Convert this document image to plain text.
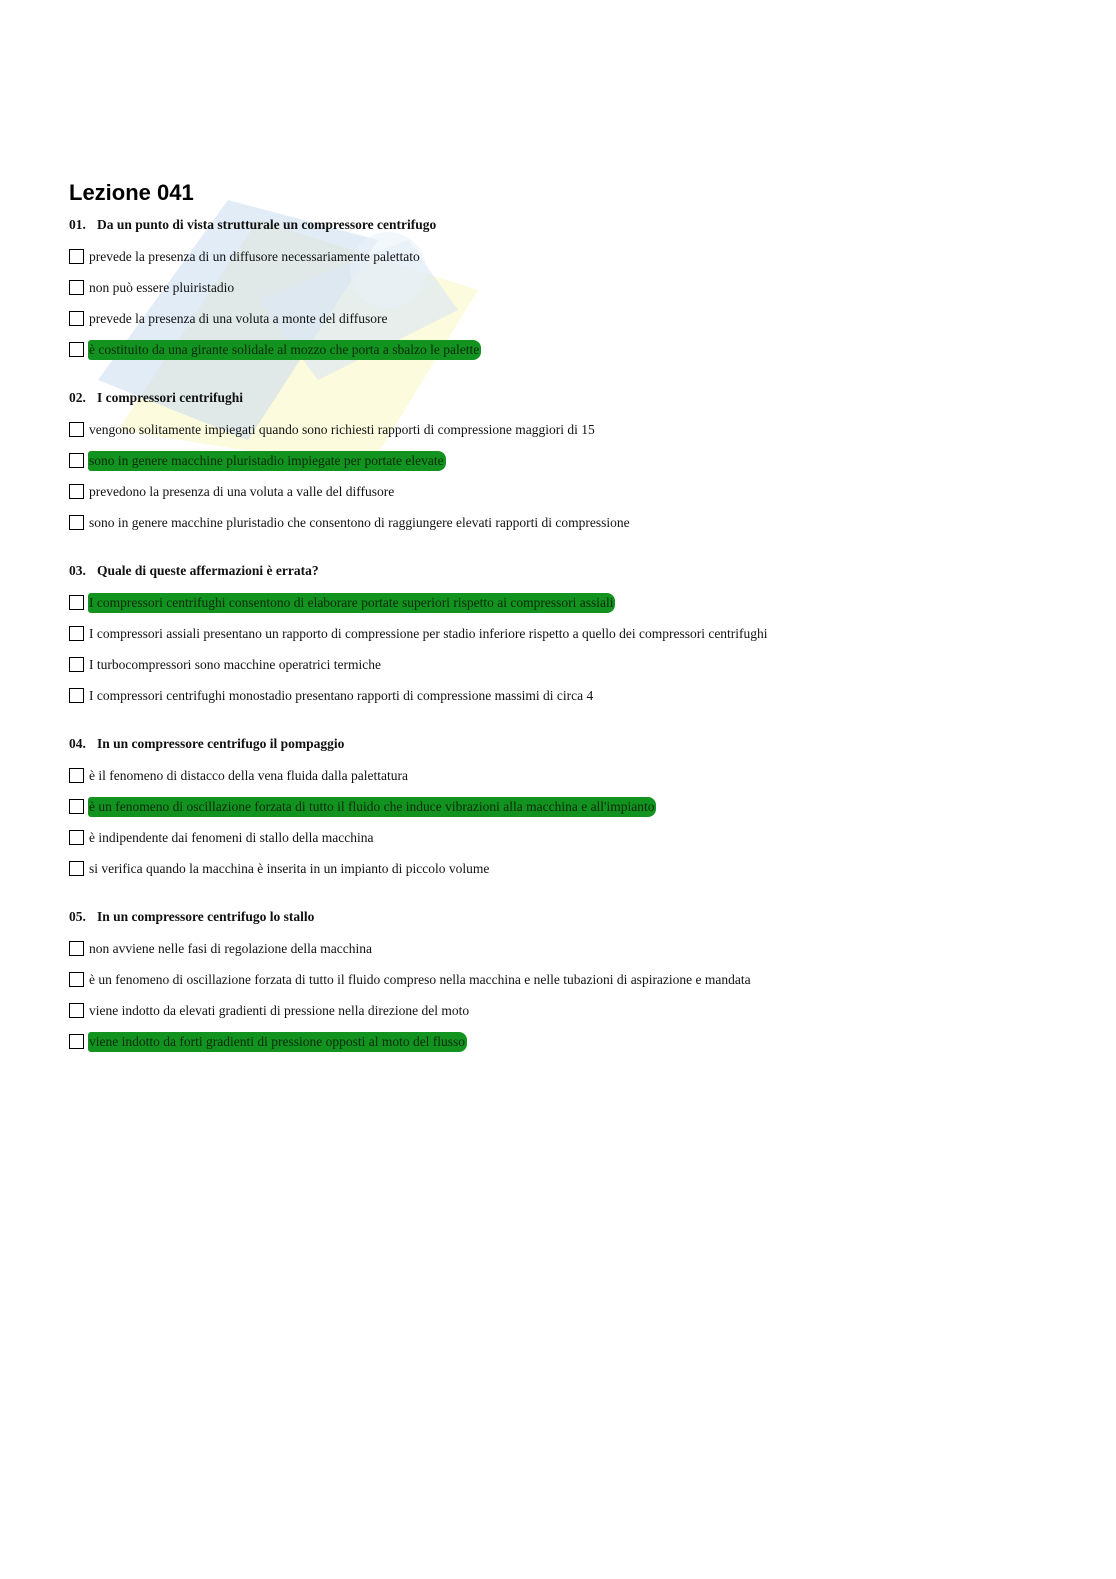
Lezione 041
01. Da un punto di vista strutturale un compressore centrifugo
prevede la presenza di un diffusore necessariamente palettato
non può essere pluiristadio
prevede la presenza di una voluta a monte del diffusore
è costituito da una girante solidale al mozzo che porta a sbalzo le palette
02. I compressori centrifughi
vengono solitamente impiegati quando sono richiesti rapporti di compressione maggiori di 15
sono in genere macchine pluristadio impiegate per portate elevate
prevedono la presenza di una voluta a valle del diffusore
sono in genere macchine pluristadio che consentono di raggiungere elevati rapporti di compressione
03. Quale di queste affermazioni è errata?
I compressori centrifughi consentono di elaborare portate superiori rispetto ai compressori assiali
I compressori assiali presentano un rapporto di compressione per stadio inferiore rispetto a quello dei compressori centrifughi
I turbocompressori sono macchine operatrici termiche
I compressori centrifughi monostadio presentano rapporti di compressione massimi di circa 4
04. In un compressore centrifugo il pompaggio
è il fenomeno di distacco della vena fluida dalla palettatura
è un fenomeno di oscillazione forzata di tutto il fluido che induce vibrazioni alla macchina e all'impianto
è indipendente dai fenomeni di stallo della macchina
si verifica quando la macchina è inserita in un impianto di piccolo volume
05. In un compressore centrifugo lo stallo
non avviene nelle fasi di regolazione della macchina
è un fenomeno di oscillazione forzata di tutto il fluido compreso nella macchina e nelle tubazioni di aspirazione e mandata
viene indotto da elevati gradienti di pressione nella direzione del moto
viene indotto da forti gradienti di pressione opposti al moto del flusso
